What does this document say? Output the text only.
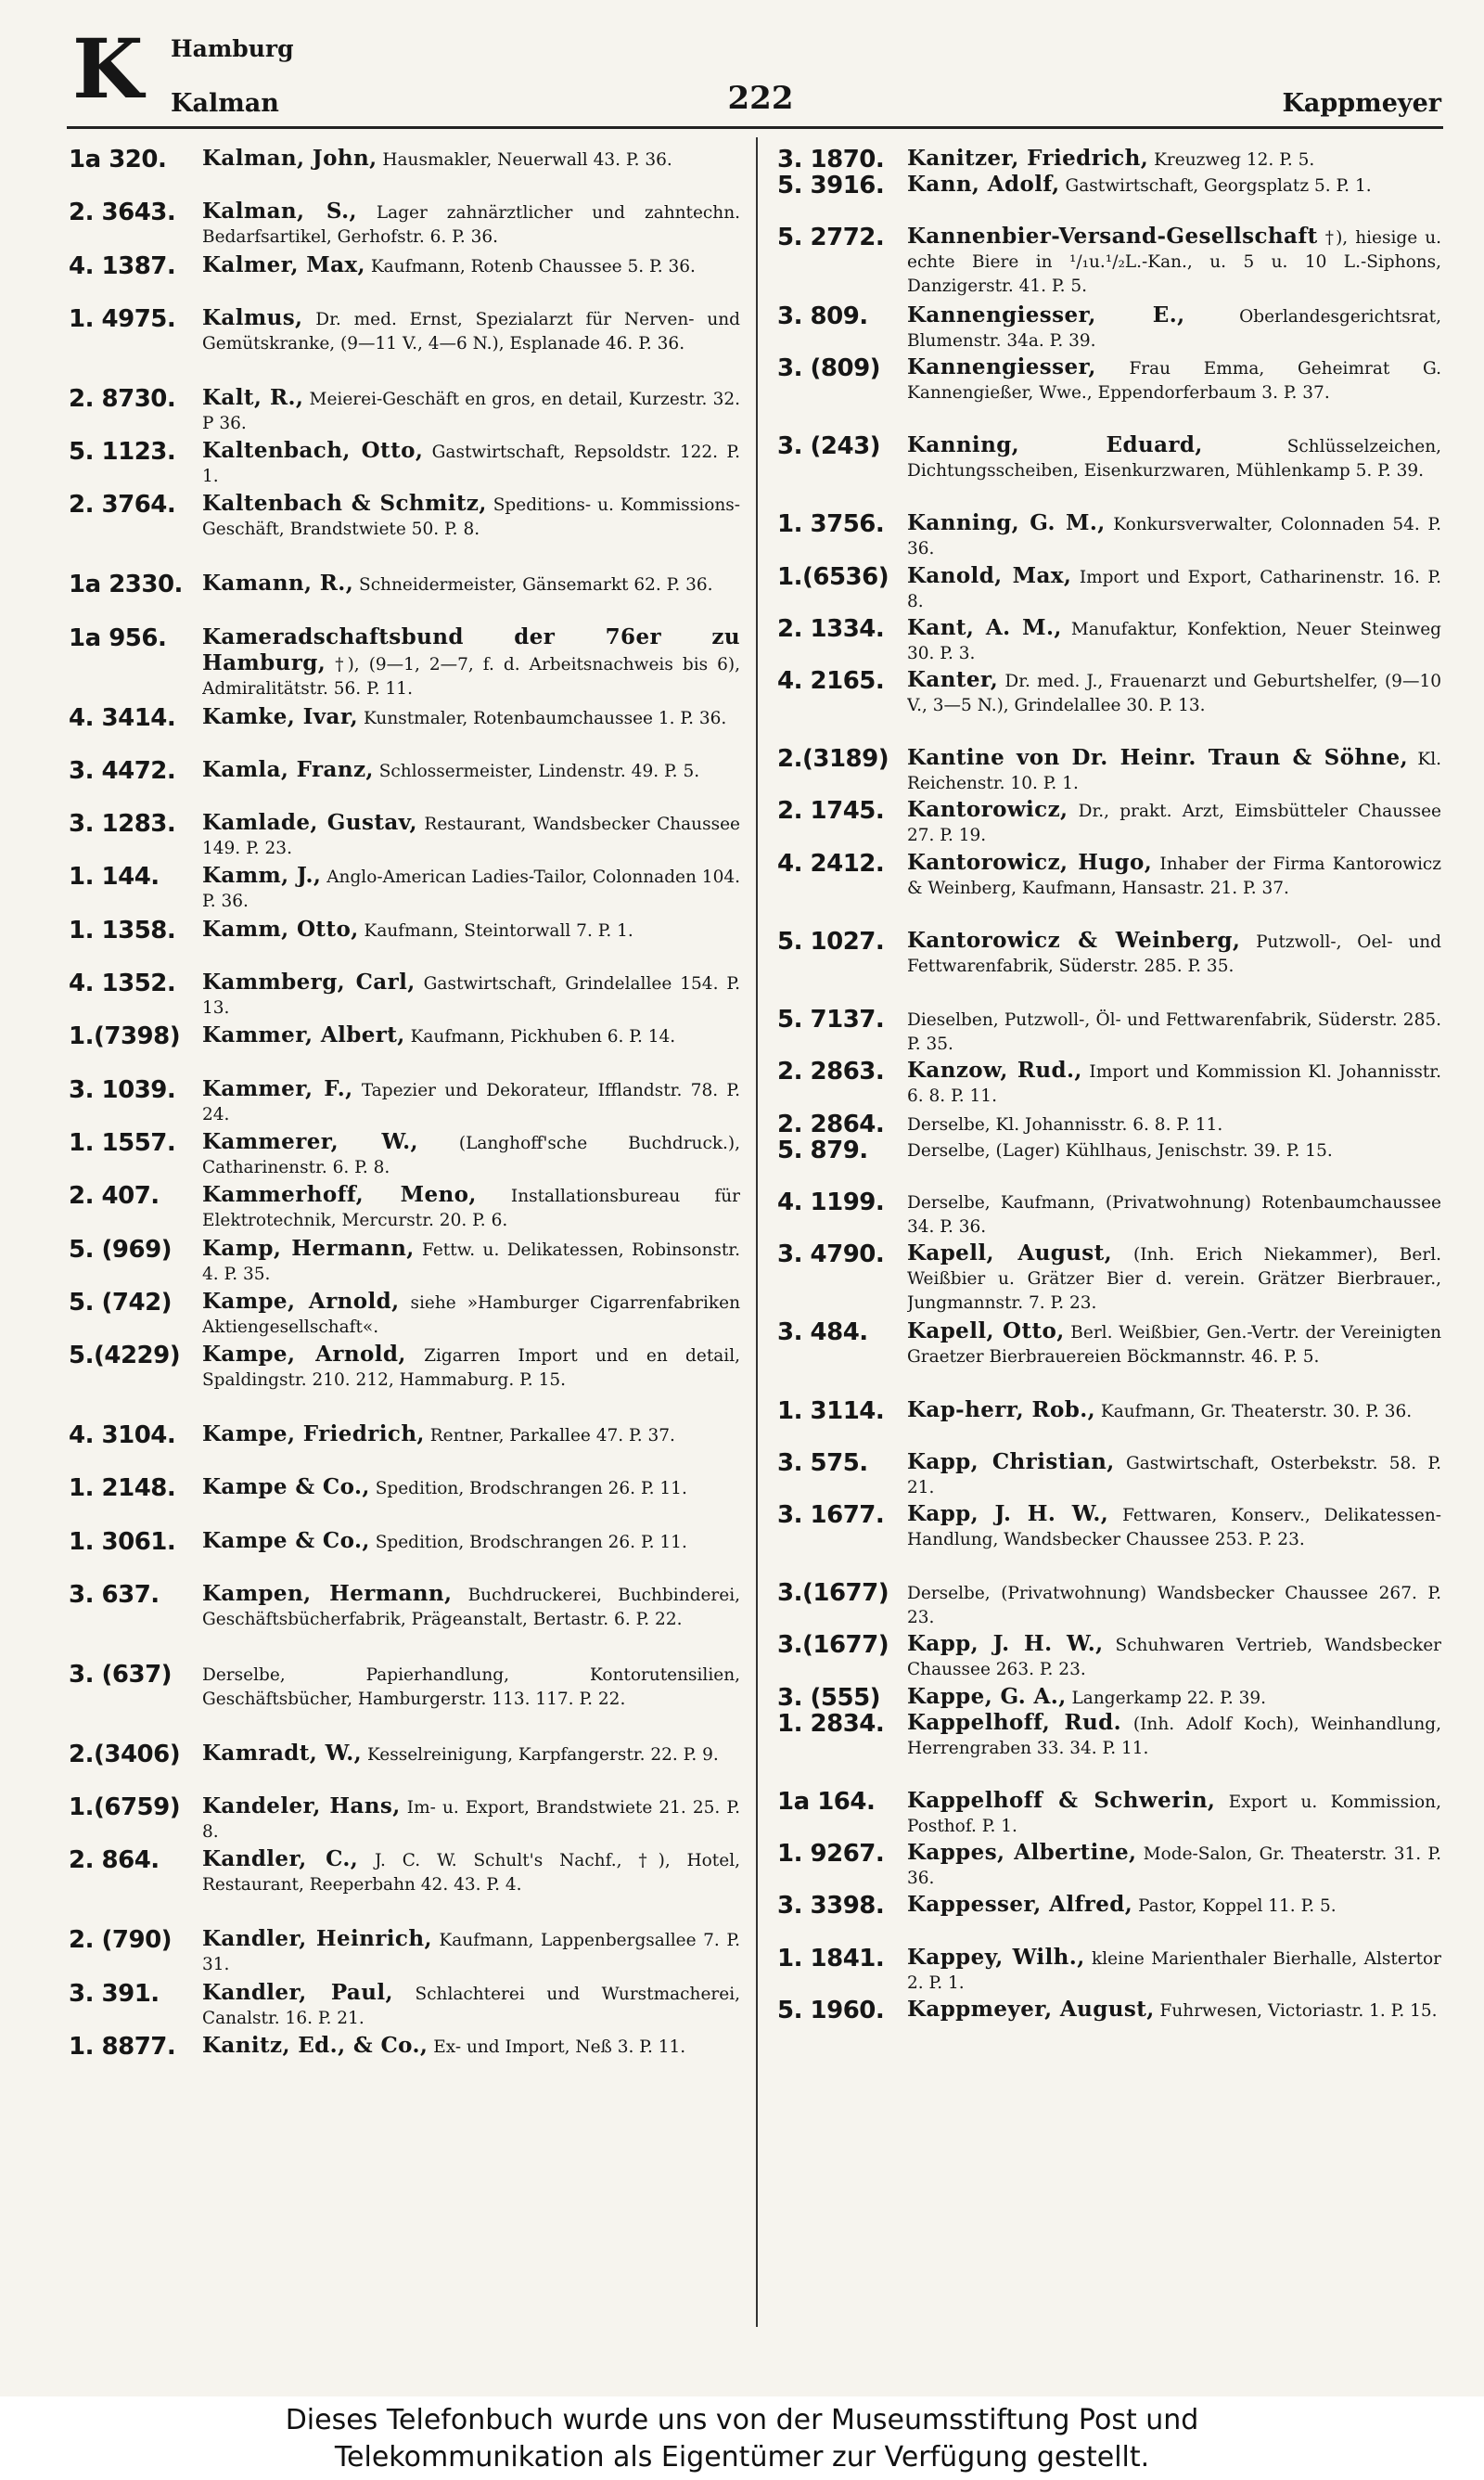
K Hamburg
Kalman	222	Kappmeyer
1a 320.	Kalman, John, Hausmakler, Neuerwall 43. P. 36.
2. 3643.	Kalman, S., Lager zahnärztlicher und zahntechn. Bedarfsartikel, Gerhofstr. 6. P. 36.
4. 1387.	Kalmer, Max, Kaufmann, Rotenb Chaussee 5. P. 36.
1. 4975.	Kalmus, Dr. med. Ernst, Spezialarzt für Nerven- und Gemütskranke, (9—11 V., 4—6 N.), Esplanade 46. P. 36.
2. 8730.	Kalt, R., Meierei-Geschäft en gros, en detail, Kurzestr. 32. P 36.
5. 1123.	Kaltenbach, Otto, Gastwirtschaft, Repsoldstr. 122. P. 1.
2. 3764.	Kaltenbach & Schmitz, Speditions- u. Kommissions-Geschäft, Brandstwiete 50. P. 8.
1a 2330. Kamann, R., Schneidermeister, Gänsemarkt 62. P. 36.
1a 956.	Kameradschaftsbund der 76er zu Hamburg, †), (9—1, 2—7, f. d. Arbeitsnachweis bis 6), Admiralitätstr. 56. P. 11.
4. 3414.	Kamke, Ivar, Kunstmaler, Rotenbaumchaussee 1. P. 36.
3. 4472.	Kamla, Franz, Schlossermeister, Lindenstr. 49. P. 5.
3. 1283.	Kamlade, Gustav, Restaurant, Wandsbecker Chaussee 149. P. 23.
1. 144.	Kamm, J., Anglo-American Ladies-Tailor, Colonnaden 104. P. 36.
1. 1358.	Kamm, Otto, Kaufmann, Steintorwall 7. P. 1.
4. 1352.	Kammberg, Carl, Gastwirtschaft, Grindelallee 154. P. 13.
1.(7398)	Kammer, Albert, Kaufmann, Pickhuben 6. P. 14.
3. 1039.	Kammer, F., Tapezier und Dekorateur, Ifflandstr. 78. P. 24.
1. 1557.	Kammerer, W., (Langhoff'sche Buchdruck.), Catharinenstr. 6. P. 8.
2. 407.	Kammerhoff, Meno, Installationsbureau für Elektrotechnik, Mercurstr. 20. P. 6.
5. (969)	Kamp, Hermann, Fettw. u. Delikatessen, Robinsonstr. 4. P. 35.
5. (742)	Kampe, Arnold, siehe »Hamburger Cigarrenfabriken Aktiengesellschaft«.
5.(4229)	Kampe, Arnold, Zigarren Import und en detail, Spaldingstr. 210. 212, Hammaburg. P. 15.
4. 3104.	Kampe, Friedrich, Rentner, Parkallee 47. P. 37.
1. 2148.	Kampe & Co., Spedition, Brodschrangen 26. P. 11.
1. 3061.	Kampe & Co., Spedition, Brodschrangen 26. P. 11.
3. 637.	Kampen, Hermann, Buchdruckerei, Buchbinderei, Geschäftsbücherfabrik, Prägeanstalt, Bertastr. 6. P. 22.
3. (637)	Derselbe, Papierhandlung, Kontorutensilien, Geschäftsbücher, Hamburgerstr. 113. 117. P. 22.
2.(3406)	Kamradt, W., Kesselreinigung, Karpfangerstr. 22. P. 9.
1.(6759)	Kandeler, Hans, Im- u. Export, Brandstwiete 21. 25. P. 8.
2. 864.	Kandler, C., J. C. W. Schult's Nachf., †), Hotel, Restaurant, Reeperbahn 42. 43. P. 4.
2. (790)	Kandler, Heinrich, Kaufmann, Lappenbergsallee 7. P. 31.
3. 391.	Kandler, Paul, Schlachterei und Wurstmacherei, Canalstr. 16. P. 21.
1. 8877.	Kanitz, Ed., & Co., Ex- und Import, Neß 3. P. 11.
3. 1870.	Kanitzer, Friedrich, Kreuzweg 12. P. 5.
5. 3916.	Kann, Adolf, Gastwirtschaft, Georgsplatz 5. P. 1.
5. 2772.	Kannenbier-Versand-Gesellschaft †), hiesige u. echte Biere in ¹/₁u.¹/₂L.-Kan., u. 5 u. 10 L.-Siphons, Danzigerstr. 41. P. 5.
3. 809.	Kannengiesser, E.,	Oberlandesgerichtsrat, Blumenstr. 34a. P. 39.
3. (809)	Kannengiesser, Frau Emma, Geheimrat G. Kannengießer, Wwe., Eppendorferbaum 3. P. 37.
3. (243)	Kanning, Eduard,	Schlüsselzeichen, Dichtungsscheiben, Eisenkurzwaren, Mühlenkamp 5. P. 39.
1. 3756.	Kanning, G. M., Konkursverwalter, Colonnaden 54. P. 36.
1.(6536) Kanold, Max, Import und Export, Catharinenstr. 16. P. 8.
2. 1334.	Kant, A. M., Manufaktur, Konfektion, Neuer Steinweg 30. P. 3.
4. 2165.	Kanter, Dr. med. J., Frauenarzt und Geburtshelfer, (9—10 V., 3—5 N.), Grindelallee 30. P. 13.
2.(3189) Kantine von Dr. Heinr. Traun & Söhne, Kl. Reichenstr. 10. P. 1.
2. 1745.	Kantorowicz, Dr., prakt. Arzt, Eimsbütteler Chaussee 27. P. 19.
4. 2412.	Kantorowicz, Hugo, Inhaber der Firma Kantorowicz & Weinberg, Kaufmann, Hansastr. 21. P. 37.
5. 1027.	Kantorowicz & Weinberg, Putzwoll-, Oel- und Fettwarenfabrik, Süderstr. 285. P. 35.
5. 7137.	Dieselben, Putzwoll-, Öl- und Fettwarenfabrik, Süderstr. 285. P. 35.
2. 2863.	Kanzow, Rud., Import und Kommission Kl. Johannisstr. 6. 8. P. 11.
2. 2864.	Derselbe, Kl. Johannisstr. 6. 8. P. 11.
5. 879.	Derselbe, (Lager) Kühlhaus, Jenischstr. 39. P. 15.
4. 1199.	Derselbe, Kaufmann, (Privatwohnung) Rotenbaumchaussee 34. P. 36.
3. 4790.	Kapell, August, (Inh. Erich Niekammer), Berl. Weißbier u. Grätzer Bier d. verein. Grätzer Bierbrauer., Jungmannstr. 7. P. 23.
3. 484.	Kapell, Otto, Berl. Weißbier, Gen.-Vertr. der Vereinigten Graetzer Bierbrauereien Böckmannstr. 46. P. 5.
1. 3114.	Kap-herr, Rob., Kaufmann, Gr. Theaterstr. 30. P. 36.
3. 575.	Kapp, Christian, Gastwirtschaft, Osterbekstr. 58. P. 21.
3. 1677.	Kapp, J. H. W., Fettwaren, Konserv., Delikatessen-Handlung, Wandsbecker Chaussee 253. P. 23.
3.(1677)	Derselbe, (Privatwohnung) Wandsbecker Chaussee 267. P. 23.
3.(1677) Kapp, J. H. W., Schuhwaren Vertrieb, Wandsbecker Chaussee 263. P. 23.
3. (555)	Kappe, G. A., Langerkamp 22. P. 39.
1. 2834.	Kappelhoff, Rud. (Inh. Adolf Koch), Weinhandlung, Herrengraben 33. 34. P. 11.
1a 164.	Kappelhoff & Schwerin, Export u. Kommission, Posthof. P. 1.
1. 9267.	Kappes, Albertine, Mode-Salon, Gr. Theaterstr. 31. P. 36.
3. 3398.	Kappesser, Alfred, Pastor, Koppel 11. P. 5.
1. 1841.	Kappey, Wilh., kleine Marienthaler Bierhalle, Alstertor 2. P. 1.
5. 1960.	Kappmeyer, August, Fuhrwesen, Victoriastr. 1. P. 15.
Dieses Telefonbuch wurde uns von der Museumsstiftung Post und
Telekommunikation als Eigentümer zur Verfügung gestellt.
